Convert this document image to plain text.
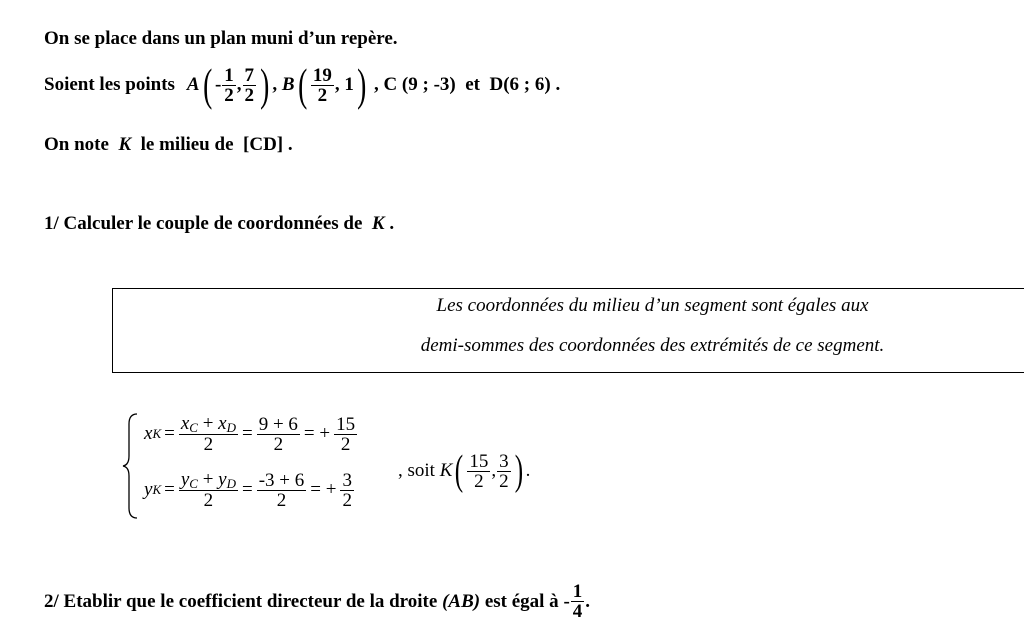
On se place dans un plan muni d’un repère.
Soient les points A ( - $\frac{1}{2}$ , $\frac{7}{2}$ ) , B ( $\frac{19}{2}$ ,
1 ) , C (9 ; -3)
et
D(6 ; 6)
.
On note K le milieu de [CD] .
1/ Calculer le couple de coordonnées de K .
Les coordonnées du milieu d’un segment sont égales aux
demi-sommes des coordonnées des extrémités de ce segment.
x $K = \frac{x_C + x_D}{2} = \frac{9 + 6}{2}$ = + $\frac{15}{2}$
y $K = \frac{y_C + y_D}{2} = \frac{-3 + 6}{2}$ = + $\frac{3}{2}$ , soit
K ( $\frac{15}{2}$ , $\frac{3}{2}$ ) .
2/ Etablir que le coefficient directeur de la droite
(AB)
est égal à
- $\frac{1}{4}$ .
